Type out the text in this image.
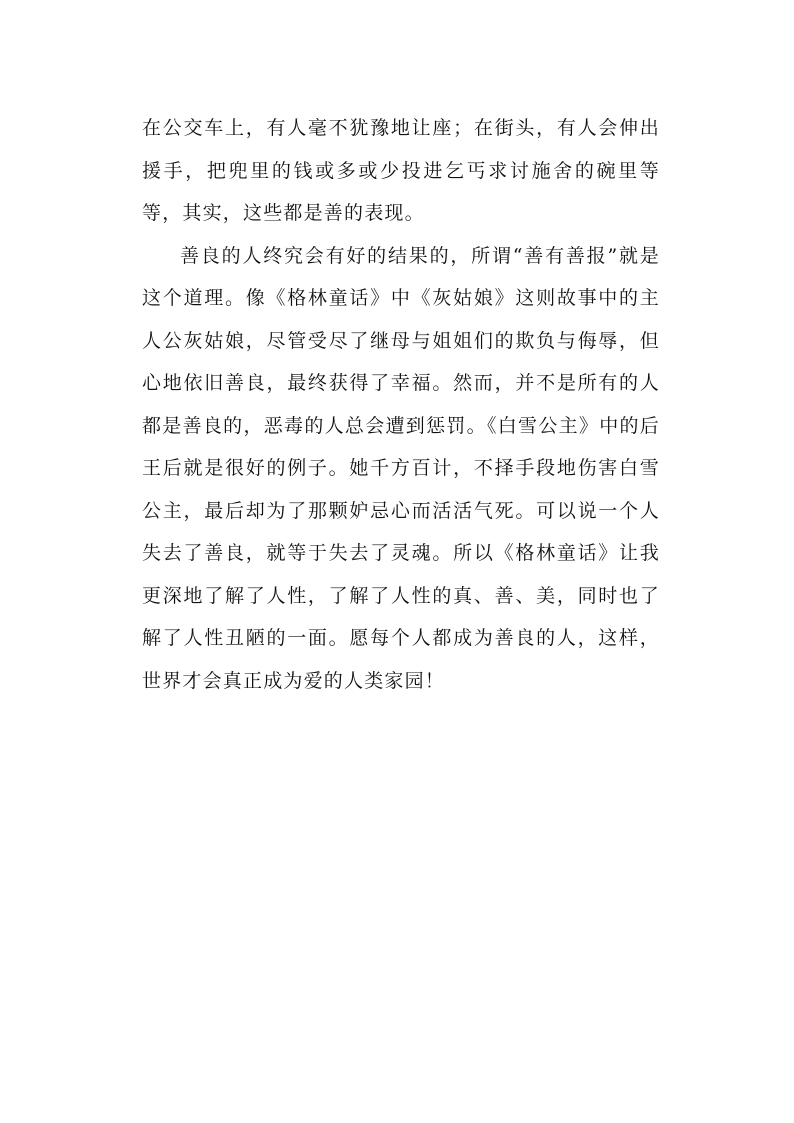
在公交车上，有人毫不犹豫地让座；在街头，有人会伸出援手，把兜里的钱或多或少投进乞丐求讨施舍的碗里等等，其实，这些都是善的表现。

善良的人终究会有好的结果的，所谓“善有善报”就是这个道理。像《格林童话》中《灰姑娘》这则故事中的主人公灰姑娘，尽管受尽了继母与姐姐们的欺负与侮辱，但心地依旧善良，最终获得了幸福。然而，并不是所有的人都是善良的，恶毒的人总会遭到惩罚。《白雪公主》中的后王后就是很好的例子。她千方百计，不择手段地伤害白雪公主，最后却为了那颗妒忌心而活活气死。可以说一个人失去了善良，就等于失去了灵魂。所以《格林童话》让我更深地了解了人性，了解了人性的真、善、美，同时也了解了人性丑陋的一面。愿每个人都成为善良的人，这样，世界才会真正成为爱的人类家园！
